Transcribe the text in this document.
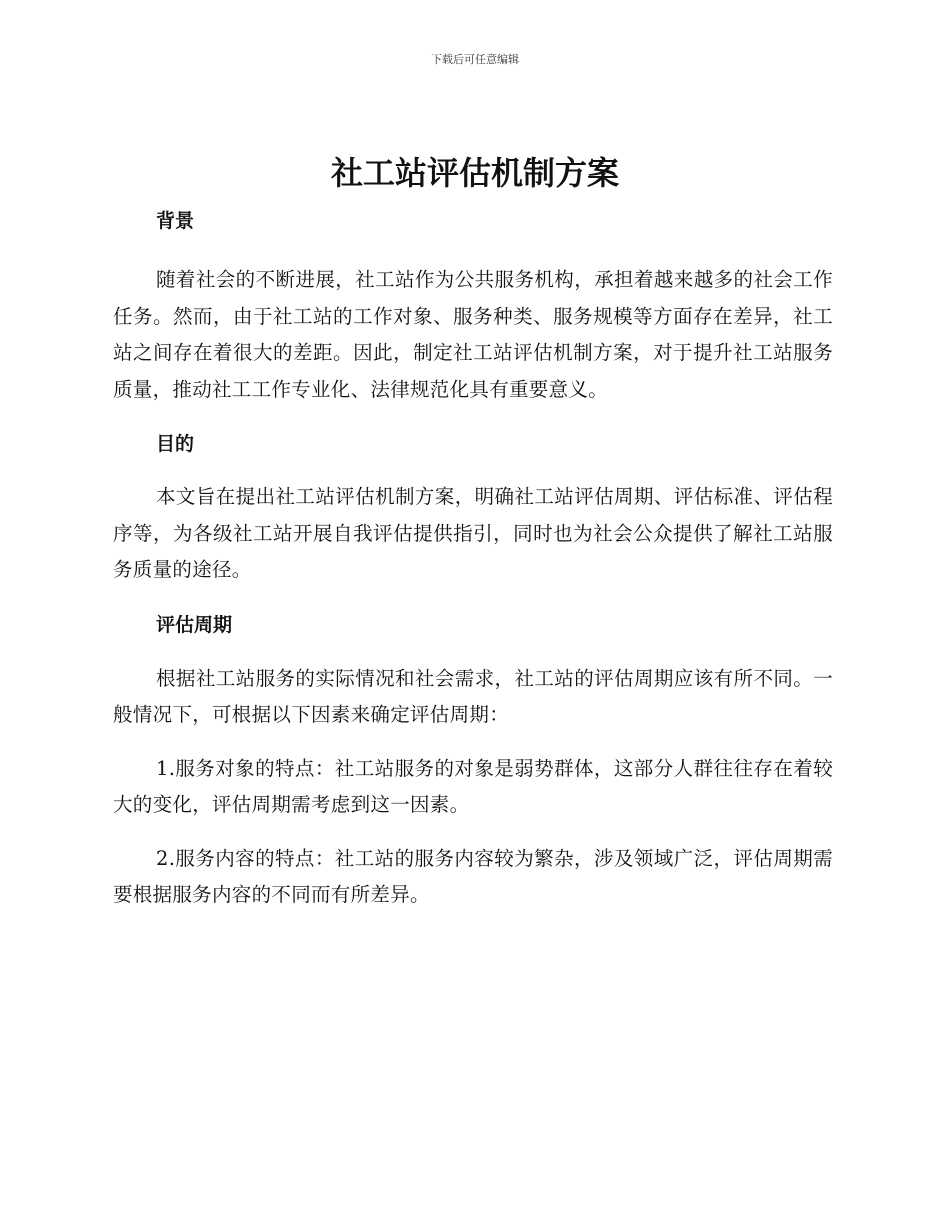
下载后可任意编辑
社工站评估机制方案
背景

随着社会的不断进展，社工站作为公共服务机构，承担着越来越多的社会工作任务。然而，由于社工站的工作对象、服务种类、服务规模等方面存在差异，社工站之间存在着很大的差距。因此，制定社工站评估机制方案，对于提升社工站服务质量，推动社工工作专业化、法律规范化具有重要意义。

目的

本文旨在提出社工站评估机制方案，明确社工站评估周期、评估标准、评估程序等，为各级社工站开展自我评估提供指引，同时也为社会公众提供了解社工站服务质量的途径。

评估周期

根据社工站服务的实际情况和社会需求，社工站的评估周期应该有所不同。一般情况下，可根据以下因素来确定评估周期：

1.服务对象的特点：社工站服务的对象是弱势群体，这部分人群往往存在着较大的变化，评估周期需考虑到这一因素。

2.服务内容的特点：社工站的服务内容较为繁杂，涉及领域广泛，评估周期需要根据服务内容的不同而有所差异。
